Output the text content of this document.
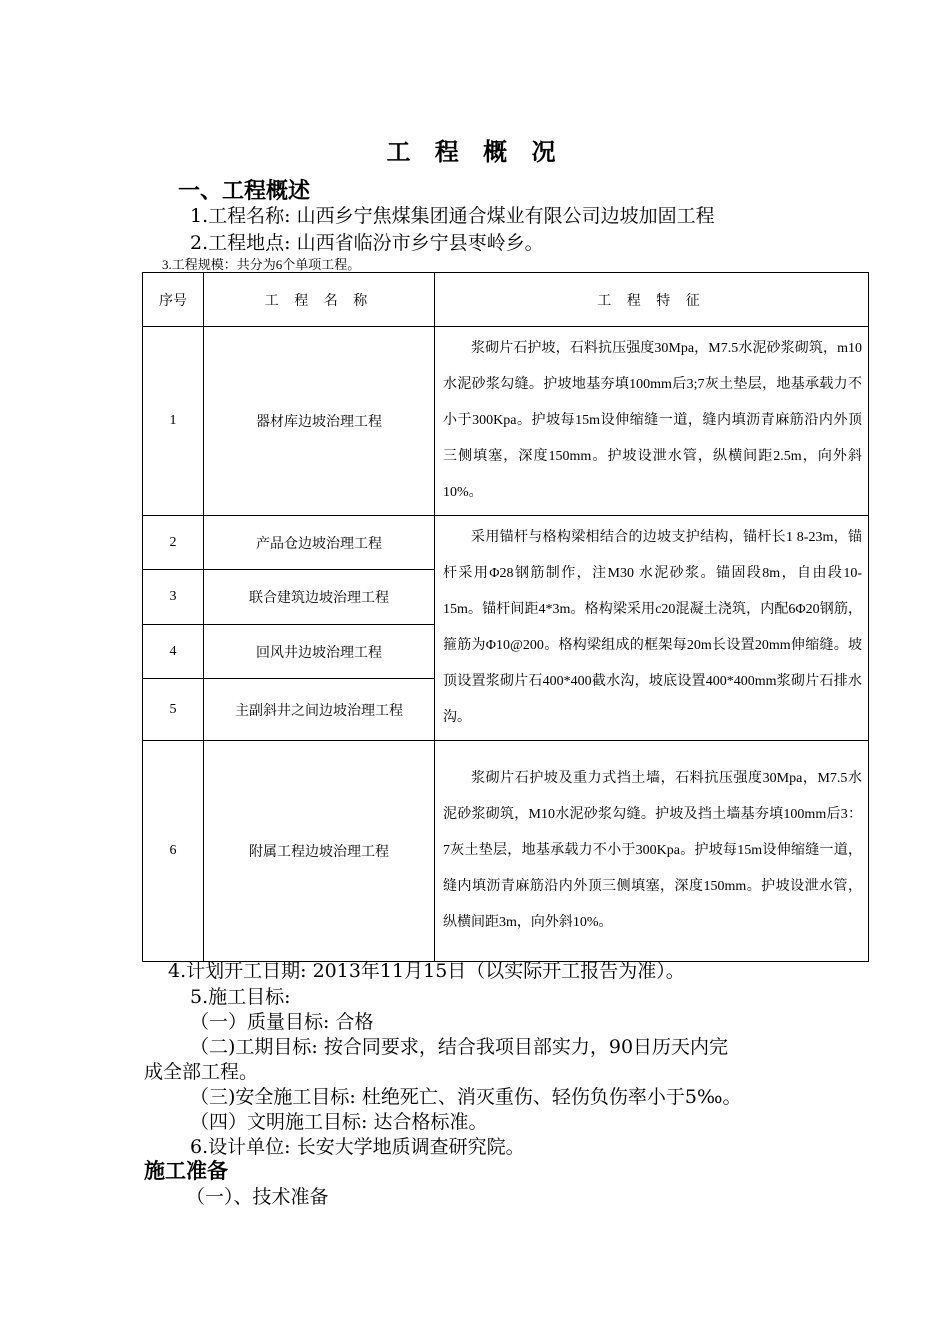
工 程 概 况
一、工程概述
1.工程名称: 山西乡宁焦煤集团通合煤业有限公司边坡加固工程
2.工程地点: 山西省临汾市乡宁县枣岭乡。
3.工程规模：共分为6个单项工程。
序号	工 程 名 称	工 程 特 征
1	器材库边坡治理工程	浆砌片石护坡，石料抗压强度30Mpa，M7.5水泥砂浆砌筑，m10水泥砂浆勾缝。护坡地基夯填100mm后3;7灰土垫层，地基承载力不小于300Kpa。护坡每15m设伸缩缝一道，缝内填沥青麻筋沿内外顶三侧填塞，深度150mm。护坡设泄水管，纵横间距2.5m，向外斜10%。

2	产品仓边坡治理工程	采用锚杆与格构梁相结合的边坡支护结构，锚杆长1 8-23m，锚杆采用Φ28钢筋制作，注M30 水泥砂浆。锚固段8m，自由段10-15m。锚杆间距4*3m。格构梁采用c20混凝土浇筑，内配6Φ20钢筋，箍筋为Φ10@200。格构梁组成的框架每20m长设置20mm伸缩缝。坡顶设置浆砌片石400*400截水沟，坡底设置400*400mm浆砌片石排水沟。

3	联合建筑边坡治理工程	
4	回风井边坡治理工程	
5	主副斜井之间边坡治理工程	
6	附属工程边坡治理工程	浆砌片石护坡及重力式挡土墙，石料抗压强度30Mpa，M7.5水泥砂浆砌筑，M10水泥砂浆勾缝。护坡及挡土墙基夯填100mm后3：7灰土垫层，地基承载力不小于300Kpa。护坡每15m设伸缩缝一道，缝内填沥青麻筋沿内外顶三侧填塞，深度150mm。护坡设泄水管，纵横间距3m，向外斜10%。
4.计划开工日期: 2013年11月15日（以实际开工报告为准）。
5.施工目标:
（一）质量目标: 合格
（二)工期目标: 按合同要求，结合我项目部实力，90日历天内完
成全部工程。
（三)安全施工目标: 杜绝死亡、消灭重伤、轻伤负伤率小于5‰。
（四）文明施工目标: 达合格标准。
6.设计单位: 长安大学地质调查研究院。
施工准备
（一）、技术准备
